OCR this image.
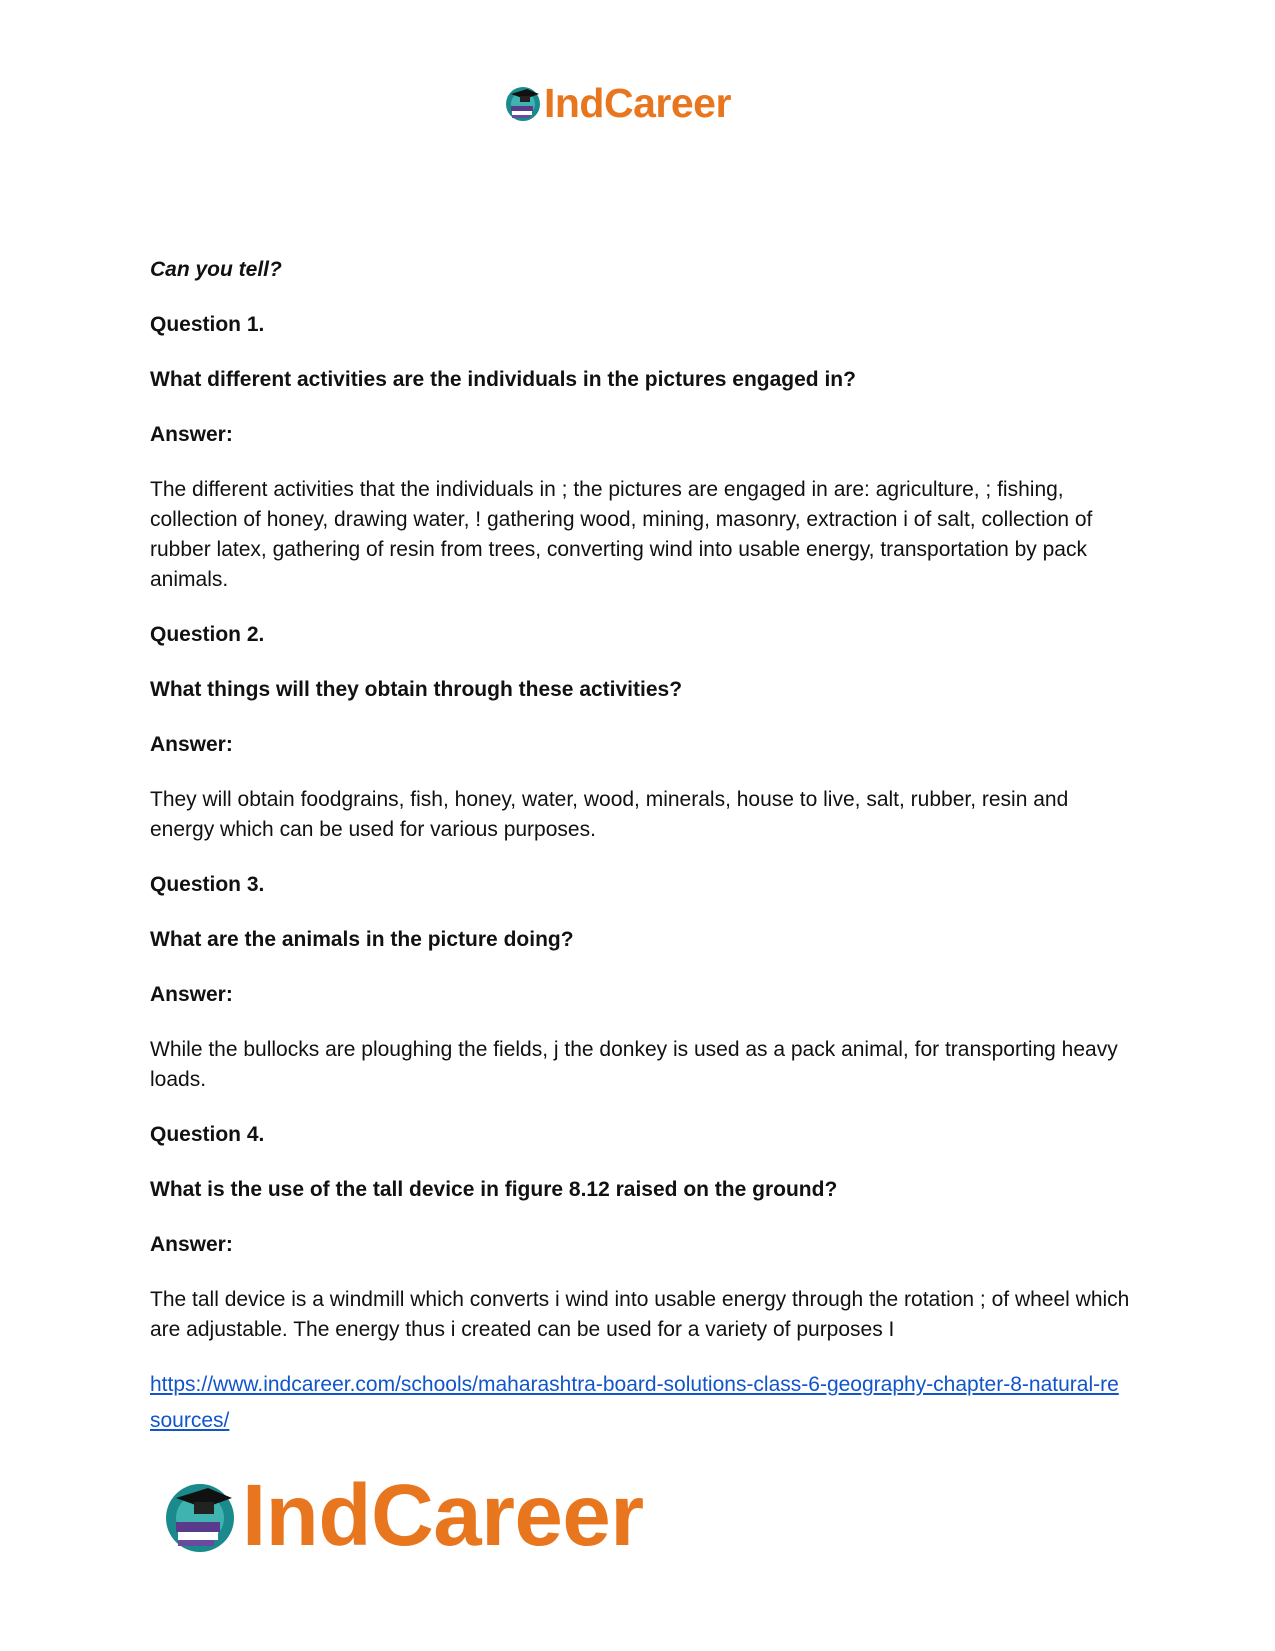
IndCareer

Can you tell?

Question 1.

What different activities are the individuals in the pictures engaged in?

Answer:

The different activities that the individuals in ; the pictures are engaged in are: agriculture, ; fishing, collection of honey, drawing water, ! gathering wood, mining, masonry, extraction i of salt, collection of rubber latex, gathering of resin from trees, converting wind into usable energy, transportation by pack animals.

Question 2.

What things will they obtain through these activities?

Answer:

They will obtain foodgrains, fish, honey, water, wood, minerals, house to live, salt, rubber, resin and energy which can be used for various purposes.

Question 3.

What are the animals in the picture doing?

Answer:

While the bullocks are ploughing the fields, j the donkey is used as a pack animal, for transporting heavy loads.

Question 4.

What is the use of the tall device in figure 8.12 raised on the ground?

Answer:

The tall device is a windmill which converts i wind into usable energy through the rotation ; of wheel which are adjustable. The energy thus i created can be used for a variety of purposes I

https://www.indcareer.com/schools/maharashtra-board-solutions-class-6-geography-chapter-8-natural-resources/
IndCareer
